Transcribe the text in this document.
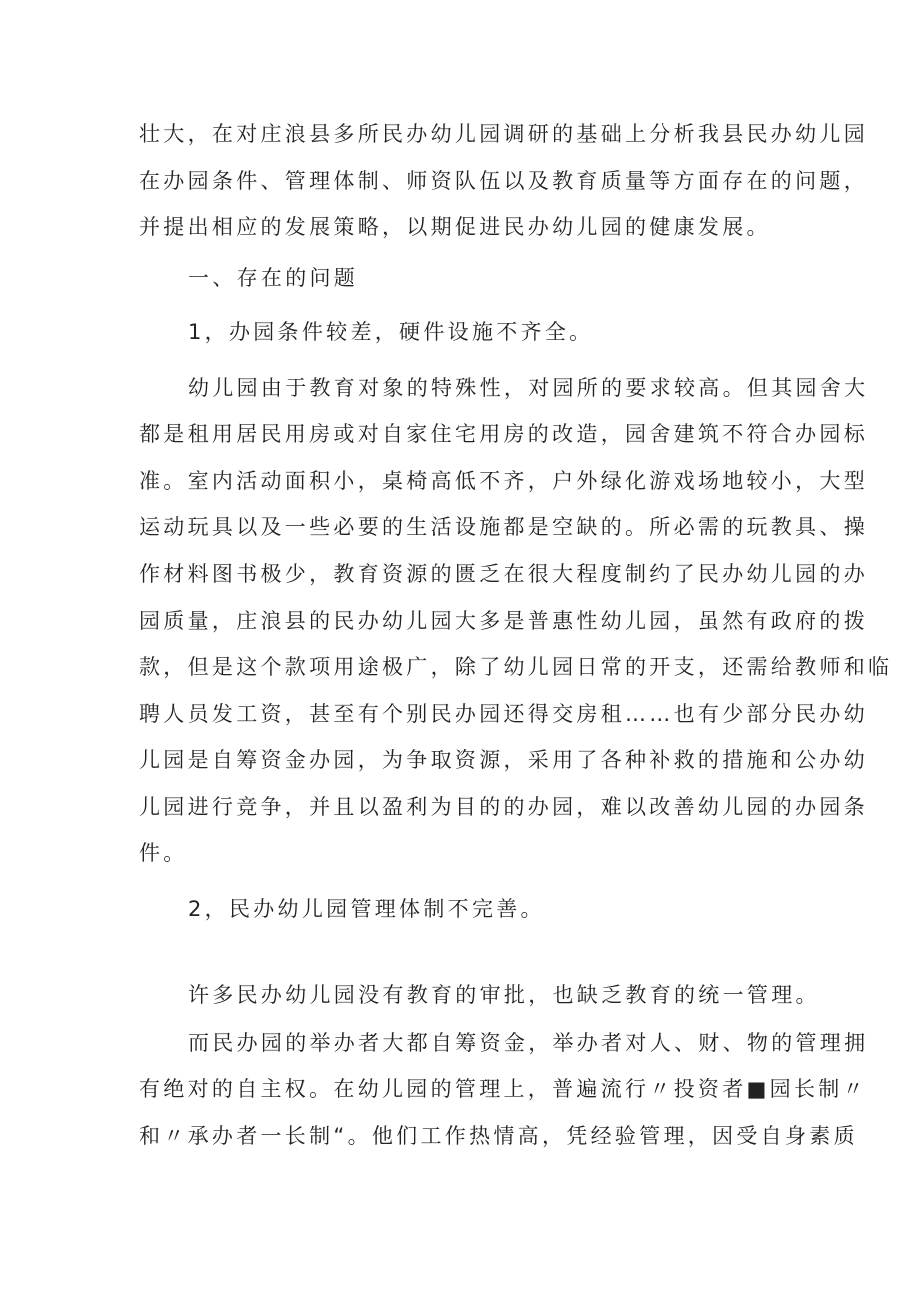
壮大，在对庄浪县多所民办幼儿园调研的基础上分析我县民办幼儿园
在办园条件、管理体制、师资队伍以及教育质量等方面存在的问题，
并提出相应的发展策略，以期促进民办幼儿园的健康发展。
一、存在的问题
1，办园条件较差，硬件设施不齐全。
幼儿园由于教育对象的特殊性，对园所的要求较高。但其园舍大
都是租用居民用房或对自家住宅用房的改造，园舍建筑不符合办园标
准。室内活动面积小，桌椅高低不齐，户外绿化游戏场地较小，大型
运动玩具以及一些必要的生活设施都是空缺的。所必需的玩教具、操
作材料图书极少，教育资源的匮乏在很大程度制约了民办幼儿园的办
园质量，庄浪县的民办幼儿园大多是普惠性幼儿园，虽然有政府的拨
款，但是这个款项用途极广，除了幼儿园日常的开支，还需给教师和临
聘人员发工资，甚至有个别民办园还得交房租……也有少部分民办幼
儿园是自筹资金办园，为争取资源，采用了各种补救的措施和公办幼
儿园进行竞争，并且以盈利为目的的办园，难以改善幼儿园的办园条
件。
2，民办幼儿园管理体制不完善。
许多民办幼儿园没有教育的审批，也缺乏教育的统一管理。
而民办园的举办者大都自筹资金，举办者对人、财、物的管理拥
有绝对的自主权。在幼儿园的管理上，普遍流行〃投资者■园长制〃
和〃承办者一长制“。他们工作热情高，凭经验管理，因受自身素质
